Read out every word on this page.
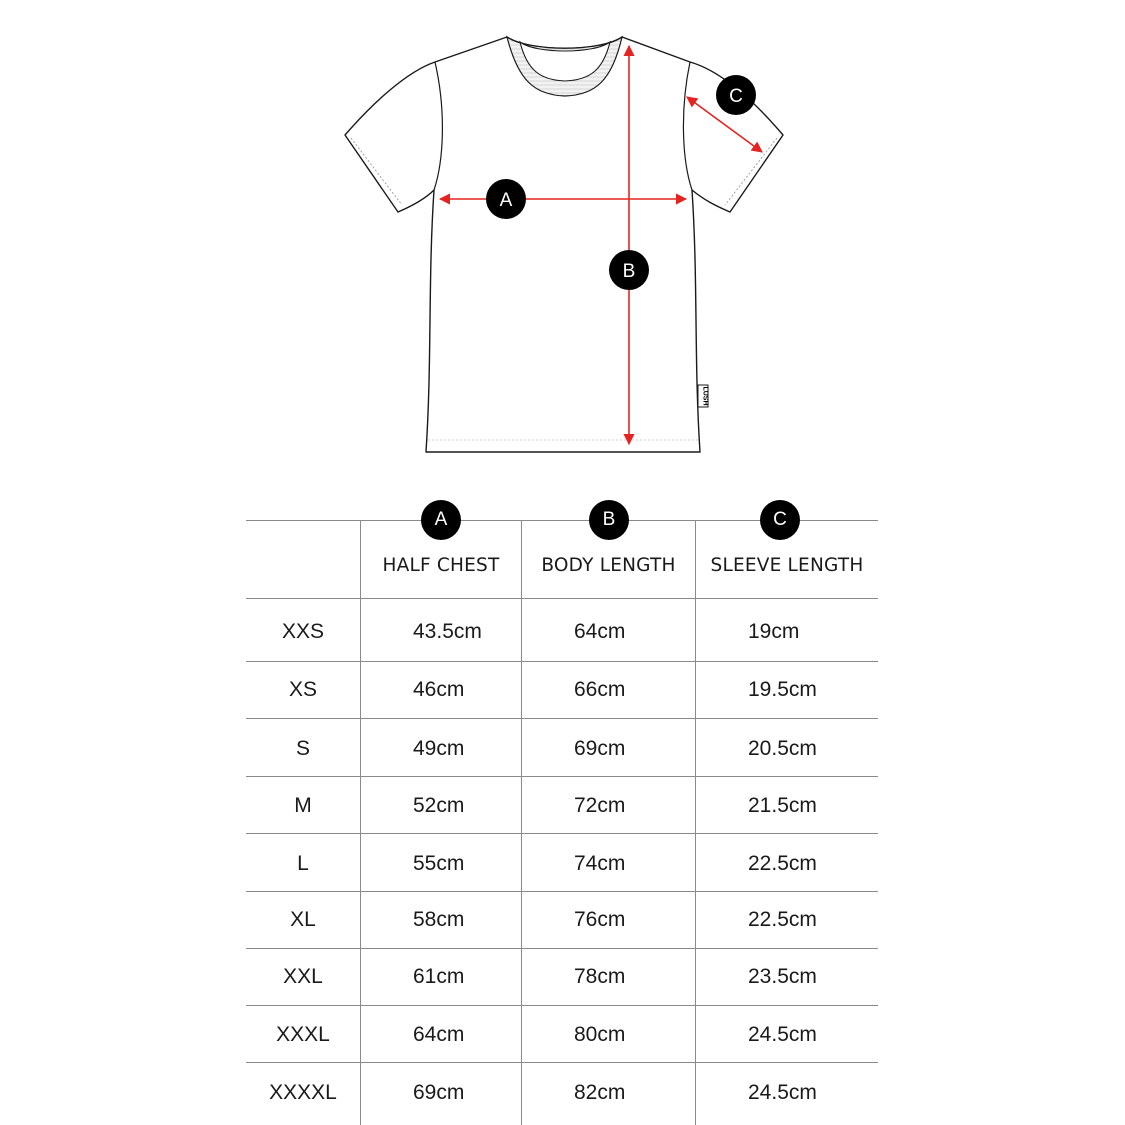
LUSH
A
B
C
A
HALF CHEST
B
BODY LENGTH
C
SLEEVE LENGTH
XXS	43.5cm	64cm	19cm
XS	46cm	66cm	19.5cm
S	49cm	69cm	20.5cm
M	52cm	72cm	21.5cm
L	55cm	74cm	22.5cm
XL	58cm	76cm	22.5cm
XXL	61cm	78cm	23.5cm
XXXL	64cm	80cm	24.5cm
XXXXL	69cm	82cm	24.5cm
